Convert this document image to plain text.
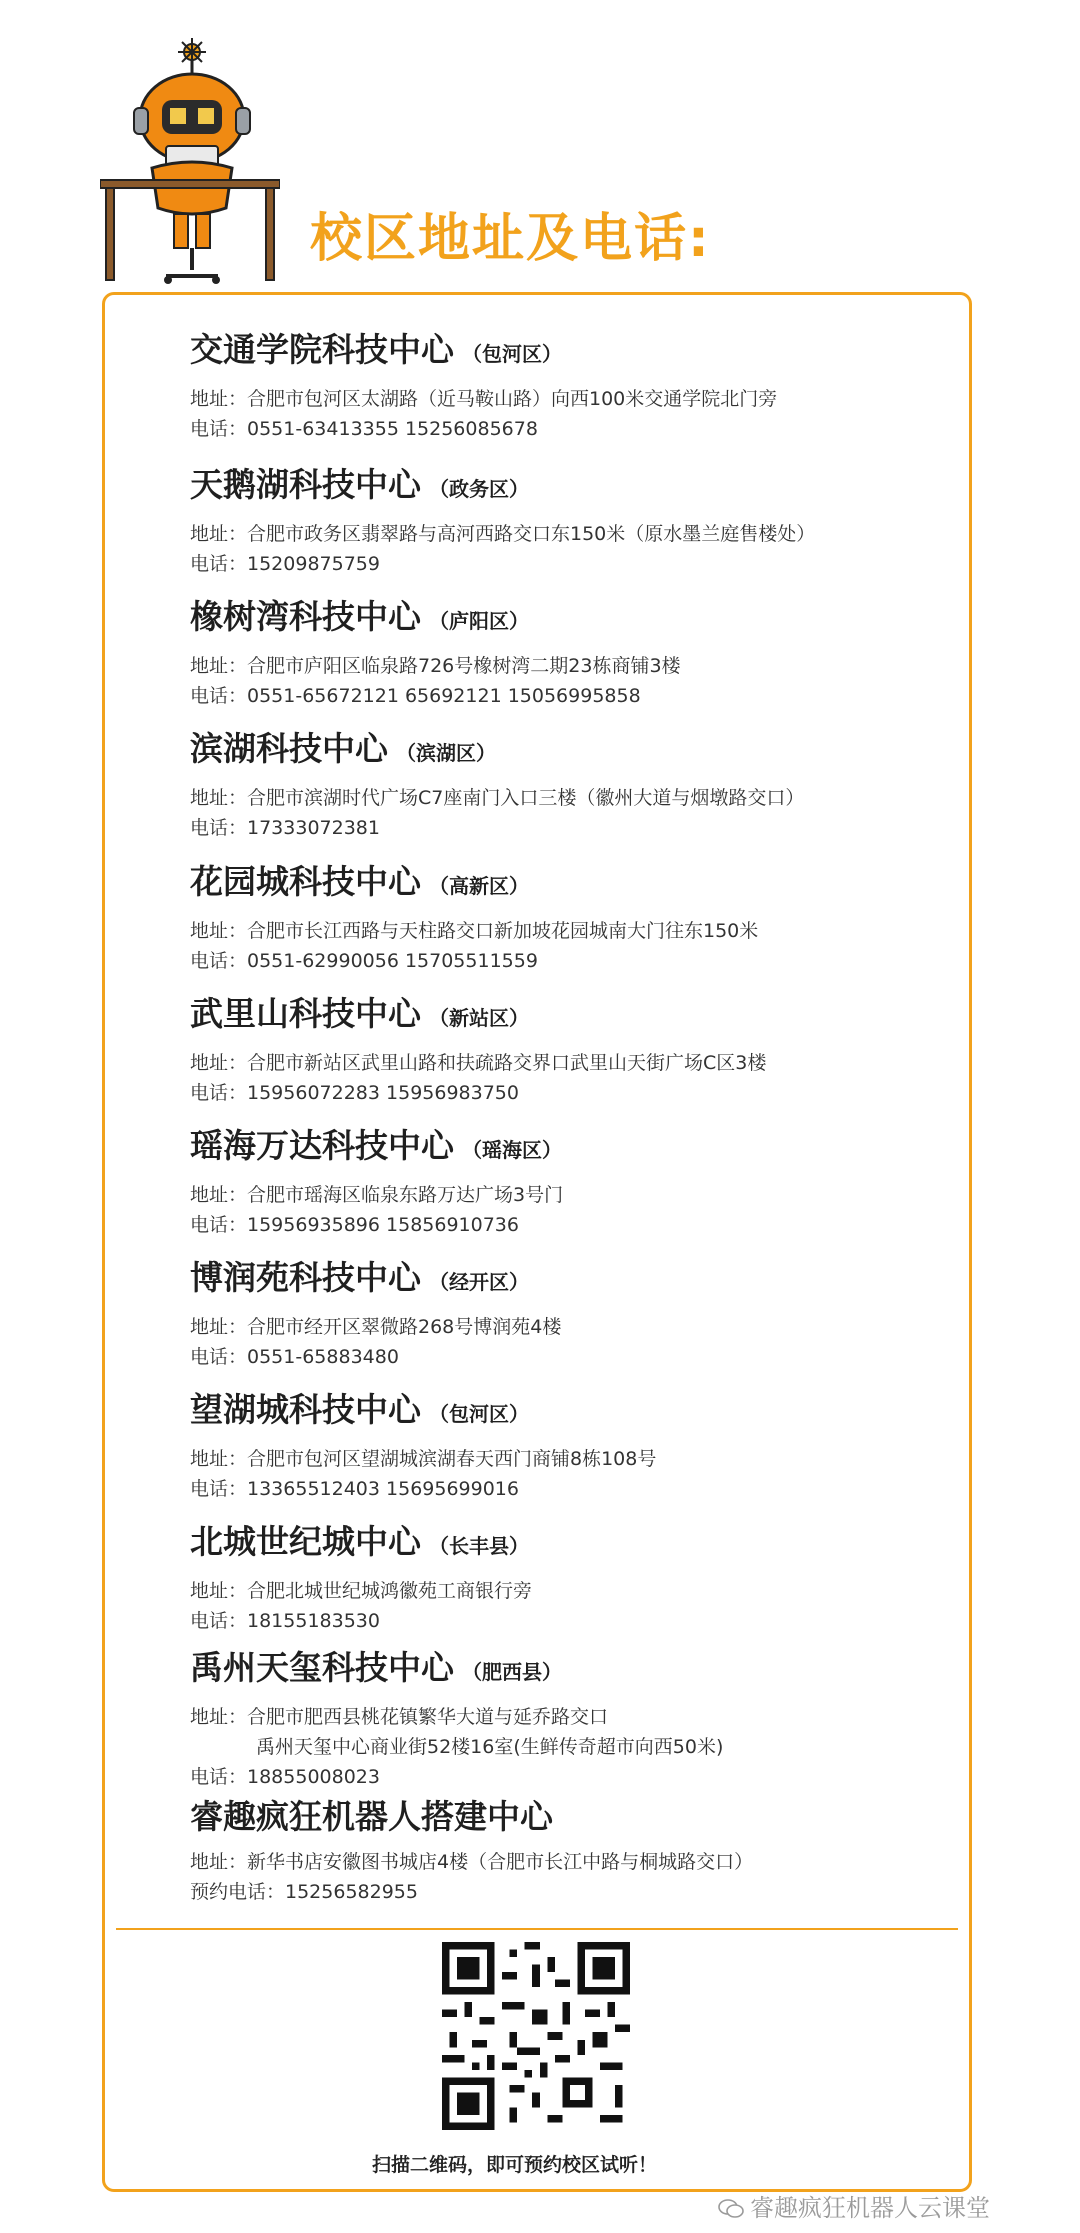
校区地址及电话:
交通学院科技中心 （包河区）
地址：合肥市包河区太湖路（近马鞍山路）向西100米交通学院北门旁
电话：0551-63413355 15256085678
天鹅湖科技中心 （政务区）
地址：合肥市政务区翡翠路与高河西路交口东150米（原水墨兰庭售楼处）
电话：15209875759
橡树湾科技中心 （庐阳区）
地址：合肥市庐阳区临泉路726号橡树湾二期23栋商铺3楼
电话：0551-65672121 65692121 15056995858
滨湖科技中心 （滨湖区）
地址：合肥市滨湖时代广场C7座南门入口三楼（徽州大道与烟墩路交口）
电话：17333072381
花园城科技中心 （高新区）
地址：合肥市长江西路与天柱路交口新加坡花园城南大门往东150米
电话：0551-62990056 15705511559
武里山科技中心 （新站区）
地址：合肥市新站区武里山路和扶疏路交界口武里山天街广场C区3楼
电话：15956072283 15956983750
瑶海万达科技中心 （瑶海区）
地址：合肥市瑶海区临泉东路万达广场3号门
电话：15956935896 15856910736
博润苑科技中心 （经开区）
地址：合肥市经开区翠微路268号博润苑4楼
电话：0551-65883480
望湖城科技中心 （包河区）
地址：合肥市包河区望湖城滨湖春天西门商铺8栋108号
电话：13365512403 15695699016
北城世纪城中心 （长丰县）
地址：合肥北城世纪城鸿徽苑工商银行旁
电话：18155183530
禹州天玺科技中心 （肥西县）
地址：合肥市肥西县桃花镇繁华大道与延乔路交口
禹州天玺中心商业街52楼16室(生鲜传奇超市向西50米)
电话：18855008023
睿趣疯狂机器人搭建中心
地址：新华书店安徽图书城店4楼（合肥市长江中路与桐城路交口）
预约电话：15256582955
扫描二维码，即可预约校区试听！
睿趣疯狂机器人云课堂
